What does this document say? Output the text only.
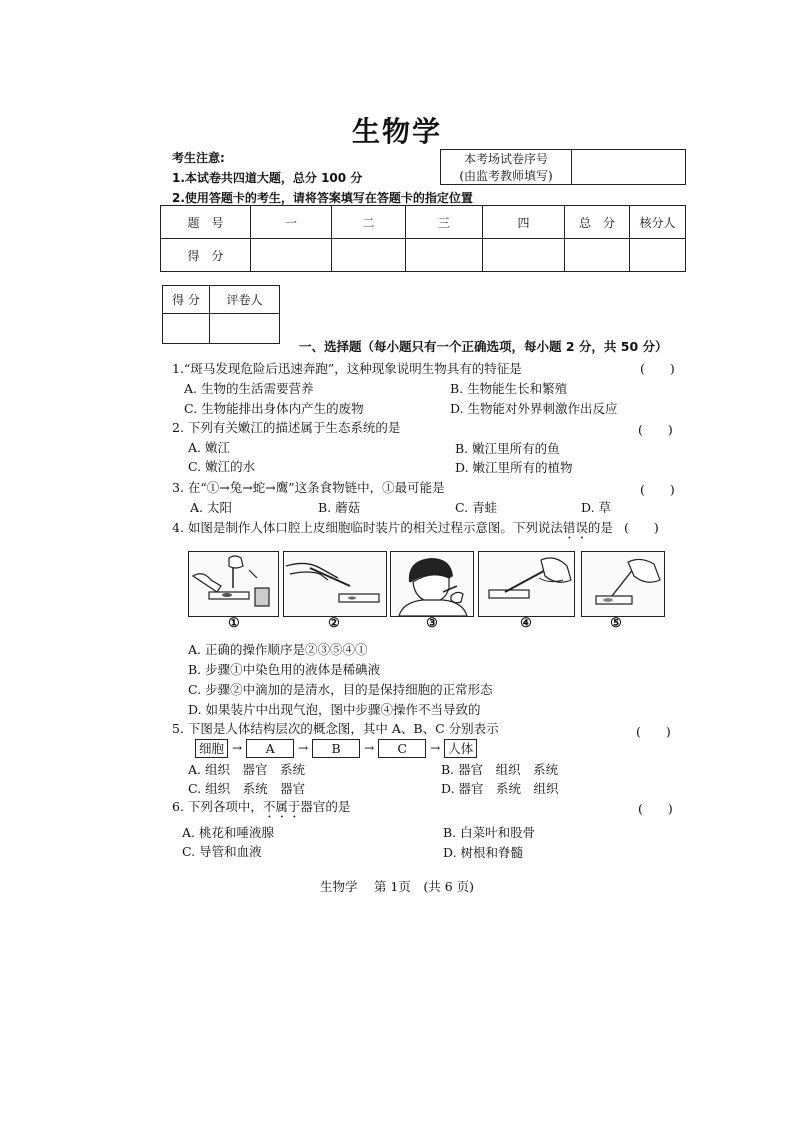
生物学
考生注意:
1.本试卷共四道大题，总分 100 分
2.使用答题卡的考生，请将答案填写在答题卡的指定位置
本考场试卷序号	
(由监考教师填写)
题　号	一	二	三	四	总　分	核分人
得　分						
得 分	评卷人

一、选择题（每小题只有一个正确选项，每小题 2 分，共 50 分）
1.“斑马发现危险后迅速奔跑”，这种现象说明生物具有的特征是	(　　)
A. 生物的生活需要营养	B. 生物能生长和繁殖
C. 生物能排出身体内产生的废物	D. 生物能对外界刺激作出反应
2. 下列有关嫩江的描述属于生态系统的是	(　　)
A. 嫩江	B. 嫩江里所有的鱼
C. 嫩江的水	D. 嫩江里所有的植物
3. 在“①→兔→蛇→鹰”这条食物链中，①最可能是	(　　)
A. 太阳	B. 蘑菇	C. 青蛙	D. 草
4. 如图是制作人体口腔上皮细胞临时装片的相关过程示意图。下列说法错误的是 (　　)
①	②	③	④	⑤
A. 正确的操作顺序是②③⑤④①
B. 步骤①中染色用的液体是稀碘液
C. 步骤②中滴加的是清水，目的是保持细胞的正常形态
D. 如果装片中出现气泡，图中步骤④操作不当导致的
5. 下图是人体结构层次的概念图，其中 A、B、C 分别表示	(　　)
细胞 →	A	→	B	→	C	→ 人体
A. 组织　器官　系统	B. 器官　组织　系统
C. 组织　系统　器官	D. 器官　系统　组织
6. 下列各项中，不属于器官的是	(　　)
A. 桃花和唾液腺	B. 白菜叶和股骨
C. 导管和血液	D. 树根和脊髓
生物学　 第 1页　(共 6 页)
